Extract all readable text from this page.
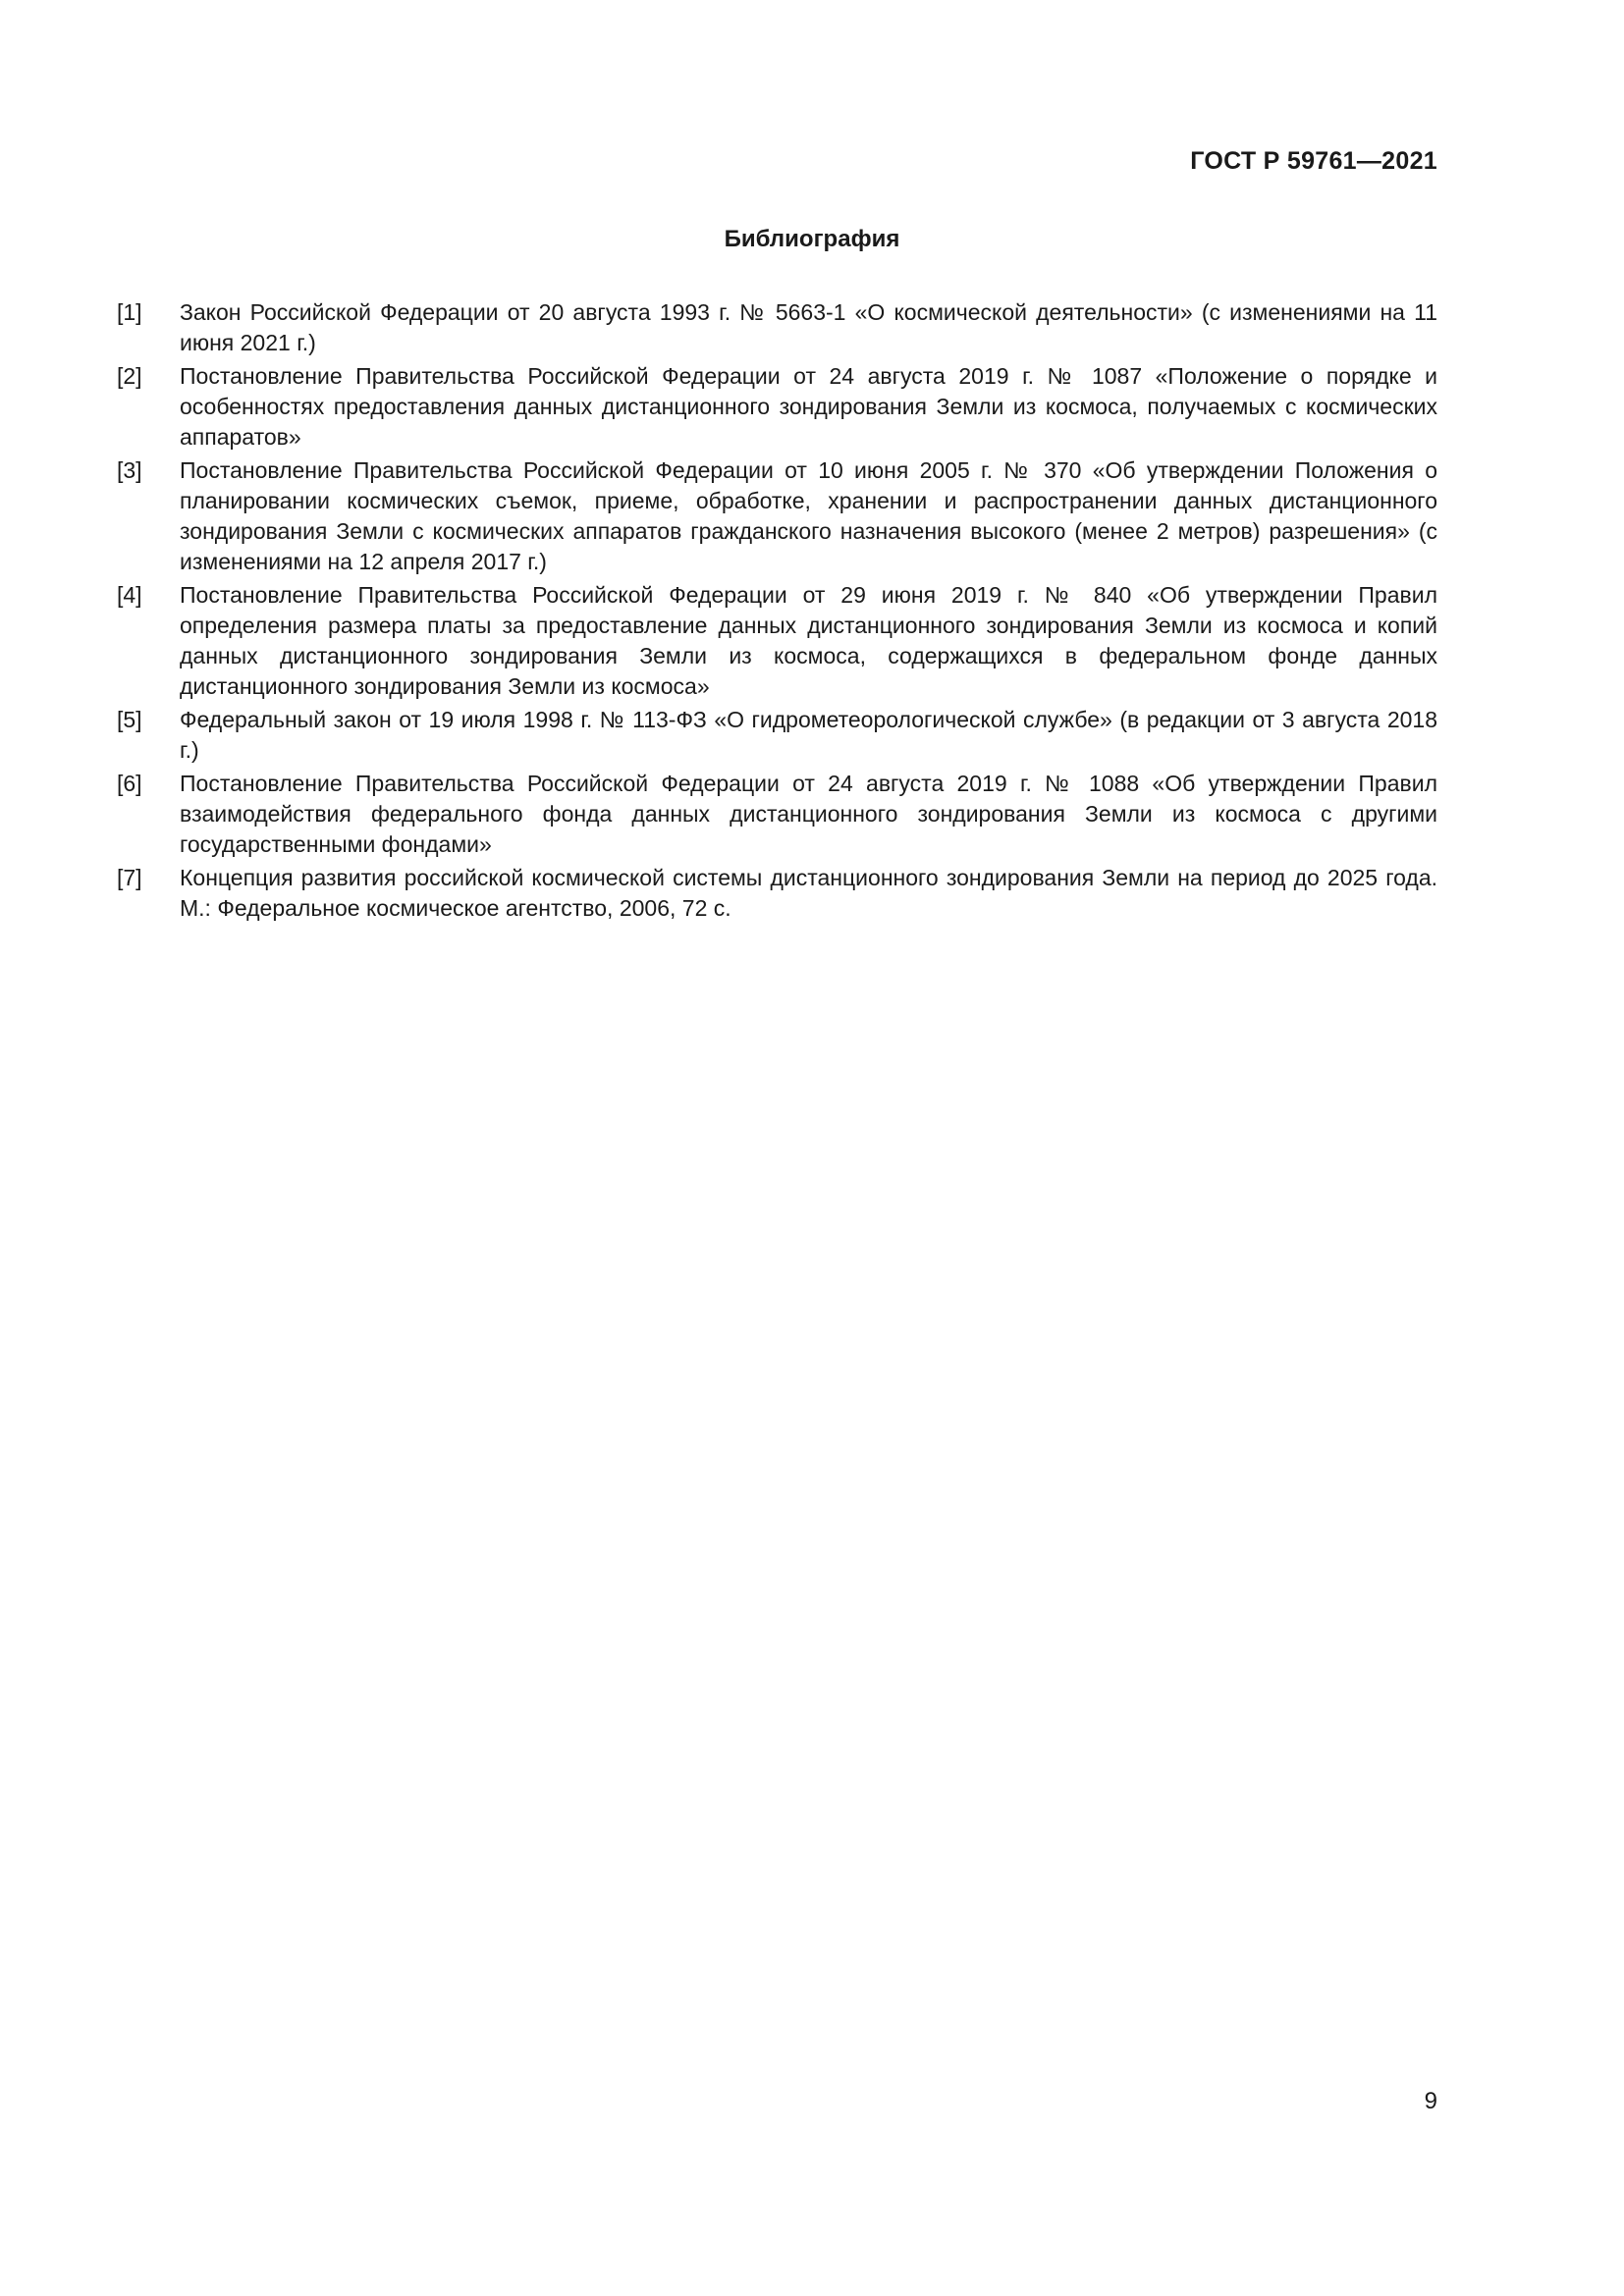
ГОСТ Р 59761—2021
Библиография
[1]	Закон Российской Федерации от 20 августа 1993 г. № 5663-1 «О космической деятельности» (с изменениями на 11 июня 2021 г.)
[2]	Постановление Правительства Российской Федерации от 24 августа 2019 г. № 1087 «Положение о порядке и особенностях предоставления данных дистанционного зондирования Земли из космоса, получаемых с космических аппаратов»
[3]	Постановление Правительства Российской Федерации от 10 июня 2005 г. № 370 «Об утверждении Положения о планировании космических съемок, приеме, обработке, хранении и распространении данных дистанционного зондирования Земли с космических аппаратов гражданского назначения высокого (менее 2 метров) разрешения» (с изменениями на 12 апреля 2017 г.)
[4]	Постановление Правительства Российской Федерации от 29 июня 2019 г. № 840 «Об утверждении Правил определения размера платы за предоставление данных дистанционного зондирования Земли из космоса и копий данных дистанционного зондирования Земли из космоса, содержащихся в федеральном фонде данных дистанционного зондирования Земли из космоса»
[5]	Федеральный закон от 19 июля 1998 г. № 113-ФЗ «О гидрометеорологической службе» (в редакции от 3 августа 2018 г.)
[6]	Постановление Правительства Российской Федерации от 24 августа 2019 г. № 1088 «Об утверждении Правил взаимодействия федерального фонда данных дистанционного зондирования Земли из космоса с другими государственными фондами»
[7]	Концепция развития российской космической системы дистанционного зондирования Земли на период до 2025 года. М.: Федеральное космическое агентство, 2006, 72 с.
9
